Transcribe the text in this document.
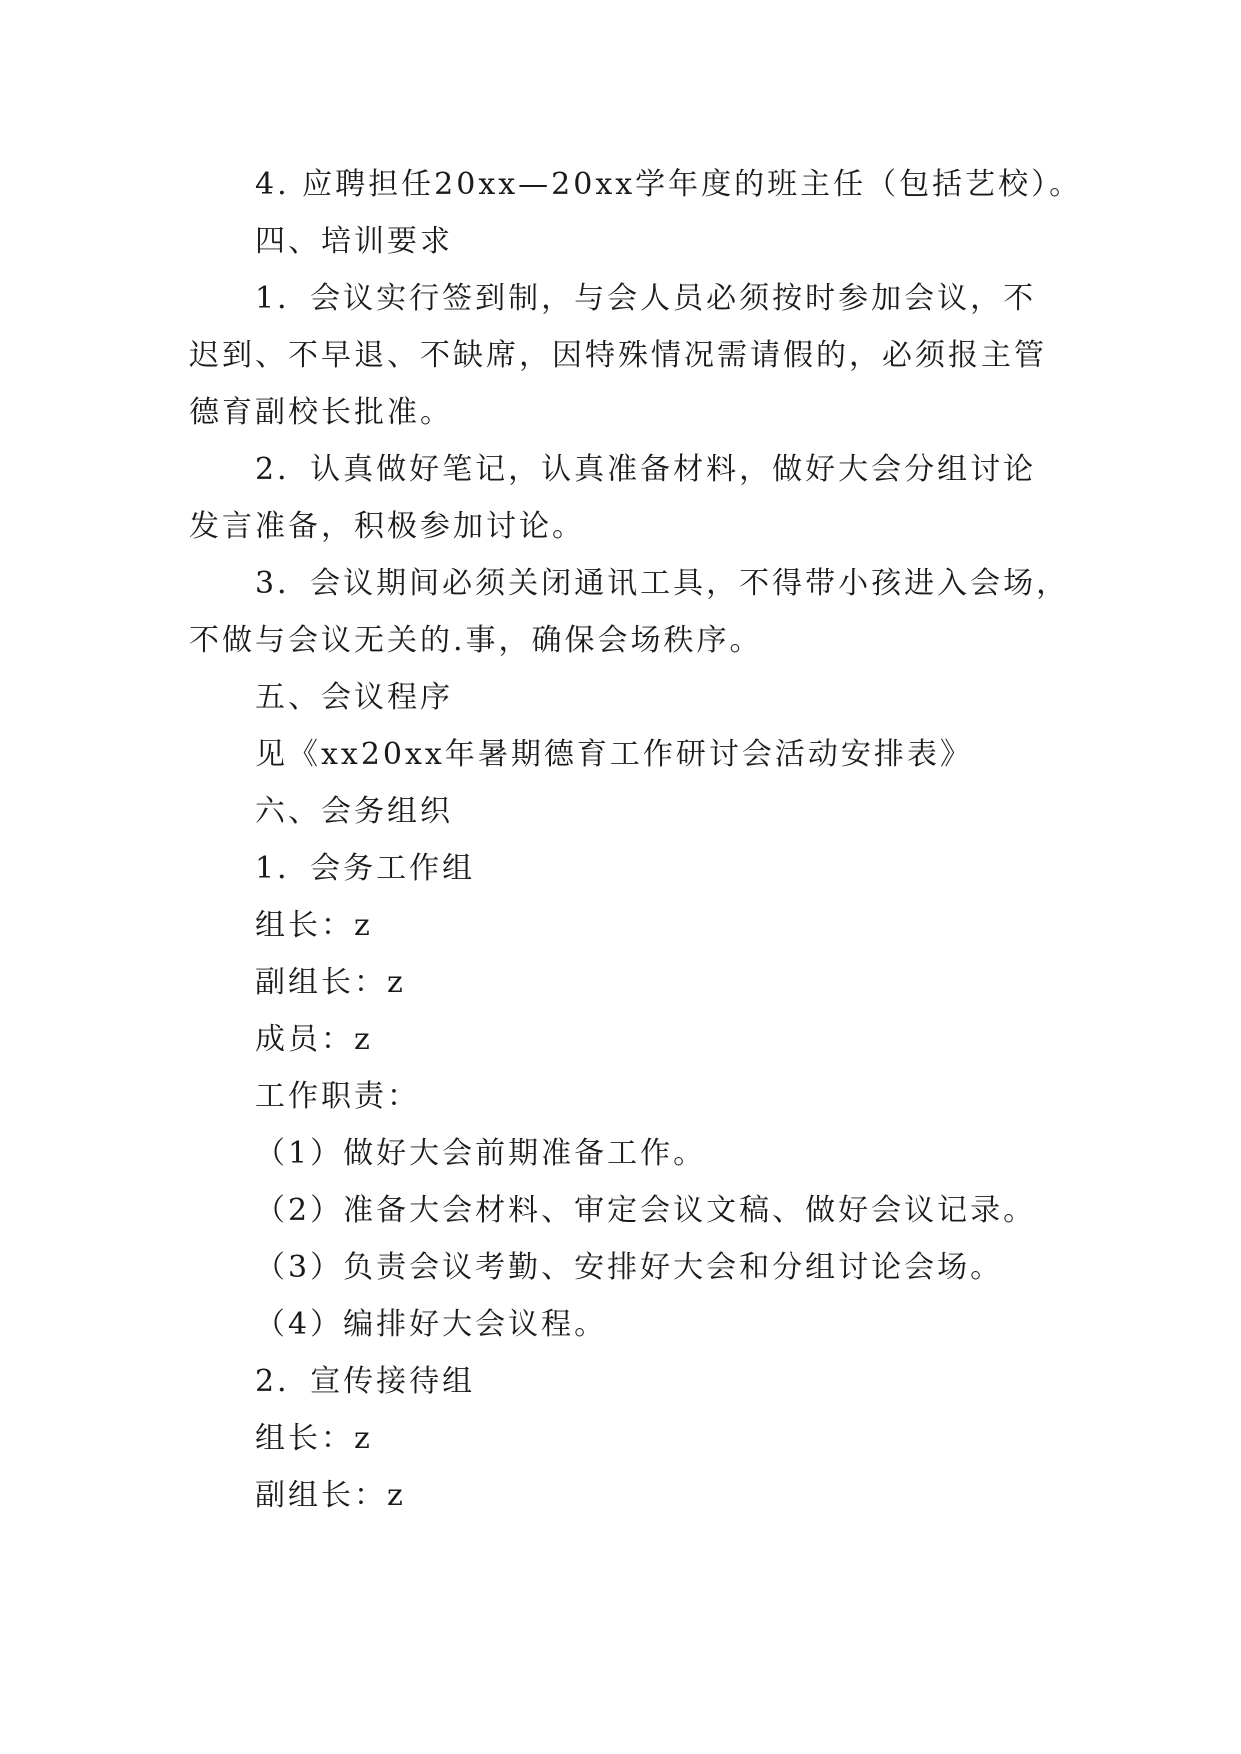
4. 应聘担任20xx—20xx学年度的班主任（包括艺校）。

四、培训要求

1．会议实行签到制，与会人员必须按时参加会议，不

迟到、不早退、不缺席，因特殊情况需请假的，必须报主管

德育副校长批准。

2．认真做好笔记，认真准备材料，做好大会分组讨论

发言准备，积极参加讨论。

3．会议期间必须关闭通讯工具，不得带小孩进入会场，

不做与会议无关的.事，确保会场秩序。

五、会议程序

见《xx20xx年暑期德育工作研讨会活动安排表》

六、会务组织

1．会务工作组

组长：z

副组长：z

成员：z

工作职责：

（1）做好大会前期准备工作。

（2）准备大会材料、审定会议文稿、做好会议记录。

（3）负责会议考勤、安排好大会和分组讨论会场。

（4）编排好大会议程。

2．宣传接待组

组长：z

副组长：z
